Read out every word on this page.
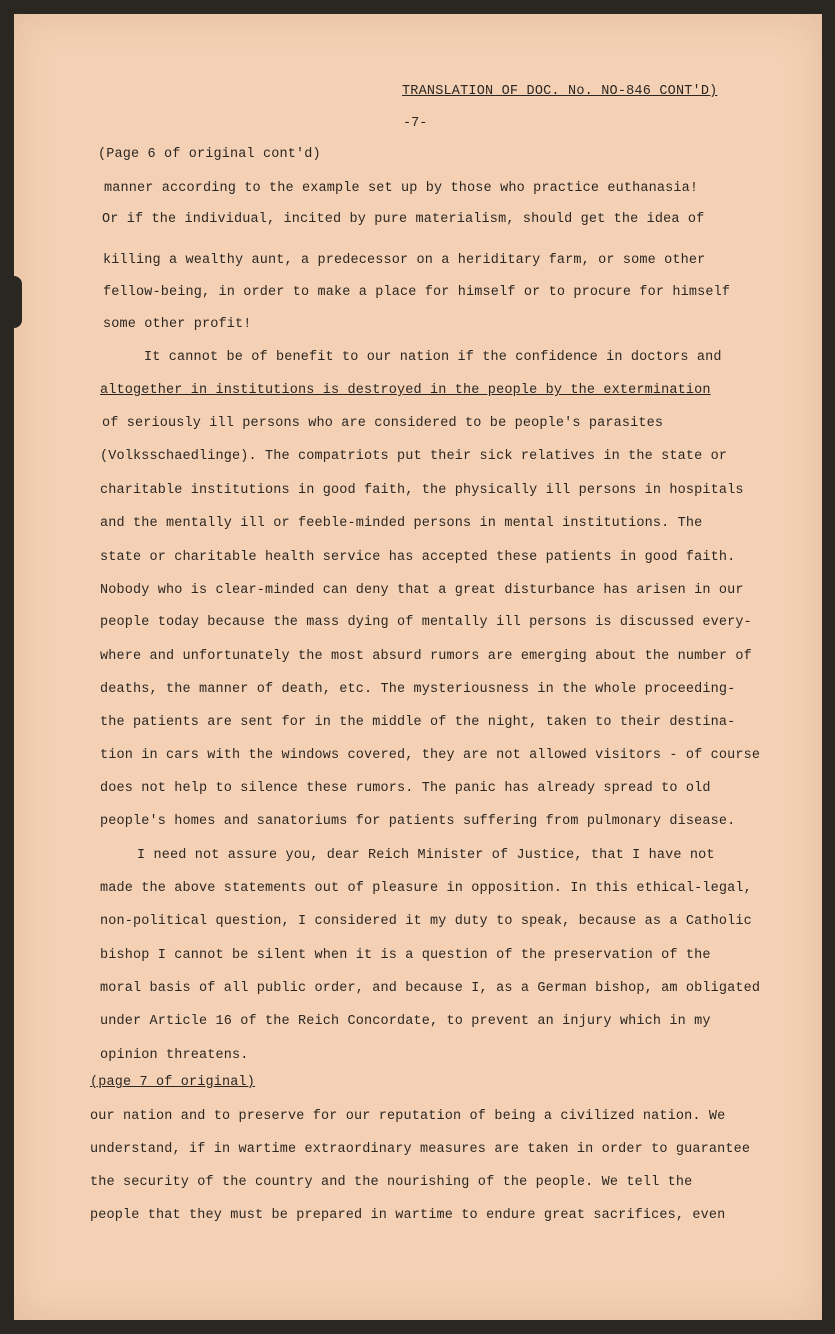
TRANSLATION OF DOC. No. NO-846 CONT'D)
-7-
(Page 6 of original cont'd)
manner according to the example set up by those who practice euthanasia!
Or if the individual, incited by pure materialism, should get the idea of
killing a wealthy aunt, a predecessor on a heriditary farm, or some other
fellow-being, in order to make a place for himself or to procure for himself
some other profit!
It cannot be of benefit to our nation if the confidence in doctors and
altogether in institutions is destroyed in the people by the extermination
of seriously ill persons who are considered to be people's parasites
(Volksschaedlinge). The compatriots put their sick relatives in the state or
charitable institutions in good faith, the physically ill persons in hospitals
and the mentally ill or feeble-minded persons in mental institutions. The
state or charitable health service has accepted these patients in good faith.
Nobody who is clear-minded can deny that a great disturbance has arisen in our
people today because the mass dying of mentally ill persons is discussed every-
where and unfortunately the most absurd rumors are emerging about the number of
deaths, the manner of death, etc. The mysteriousness in the whole proceeding-
the patients are sent for in the middle of the night, taken to their destina-
tion in cars with the windows covered, they are not allowed visitors - of course
does not help to silence these rumors. The panic has already spread to old
people's homes and sanatoriums for patients suffering from pulmonary disease.
I need not assure you, dear Reich Minister of Justice, that I have not
made the above statements out of pleasure in opposition. In this ethical-legal,
non-political question, I considered it my duty to speak, because as a Catholic
bishop I cannot be silent when it is a question of the preservation of the
moral basis of all public order, and because I, as a German bishop, am obligated
under Article 16 of the Reich Concordate, to prevent an injury which in my
opinion threatens.
(page 7 of original)
our nation and to preserve for our reputation of being a civilized nation. We
understand, if in wartime extraordinary measures are taken in order to guarantee
the security of the country and the nourishing of the people. We tell the
people that they must be prepared in wartime to endure great sacrifices, even
